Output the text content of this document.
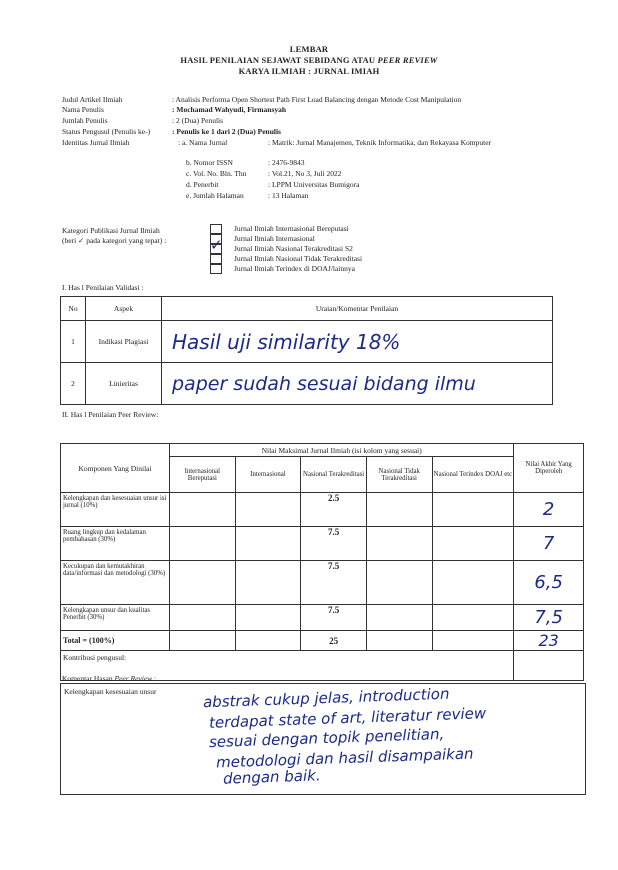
LEMBAR
HASIL PENILAIAN SEJAWAT SEBIDANG ATAU PEER REVIEW
KARYA ILMIAH : JURNAL IMIAH
Judul Artikel Ilmiah	: Analisis Performa Open Shortest Path First Load Balancing dengan Metode Cost Manipulation
Nama Penulis	: Mochamad Wahyudi, Firmansyah
Jumlah Penulis	: 2 (Dua) Penulis
Status Pengusul (Penulis ke-)	: Penulis ke 1 dari 2 (Dua) Penulis
Identitas Jurnal Ilmiah	: a. Nama Jurnal	: Matrik: Jurnal Manajemen, Teknik Informatika, dan Rekayasa Komputer
b. Nomor ISSN	: 2476-9843
c. Vol. No. Bln. Thn	: Vol.21, No 3, Juli 2022
d. Penerbit	: LPPM Universitas Bumigora
e. Jumlah Halaman	: 13 Halaman
Kategori Publikasi Jurnal Ilmiah
(beri ✓ pada kategori yang tepat) :
Jurnal Ilmiah Internasional Bereputasi
Jurnal Ilmiah Internasional
✓ Jurnal Ilmiah Nasional Terakreditasi S2
Jurnal Ilmiah Nasional Tidak Terakreditasi
Jurnal Ilmiah Terindex di DOAJ/lainnya
I. Has l Penilaian Validasi :
No	Aspek	Uraian/Komentar Penilaian
1	Indikasi Plagiasi	Hasil uji similarity 18%
2	Linieritas	paper sudah sesuai bidang ilmu
II. Has l Penilaian Peer Review:
Komponen Yang Dinilai	Nilai Maksimal Jurnal Ilmiah (isi kolom yang sesuai)					Nilai Akhir Yang Diperoleh
	Internasional Bereputasi	Internasional	Nasional Terakreditasi	Nasional Tidak Terakreditasi	Nasional Terindex DOAJ etc	
Kelengkapan dan kesesuaian unsur isi jurnal (10%)			2.5			2
Ruang lingkup dan kedalaman pembahasan (30%)			7.5			7
Kecukupan dan kemutakhiran data/informasi dan metodologi (30%)			7.5			6,5
Kelengkapan unsur dan kualitas Penerbit (30%)			7.5			7,5
Total = (100%)			25			23
Kontribusi pengusul:						
Komentar Hasan Peer Review :
Kelengkapan kesesuaian unsur	abstrak cukup jelas, introduction
terdapat state of art, literatur review
sesuai dengan topik penelitian,
metodologi dan hasil disampaikan
dengan baik.
